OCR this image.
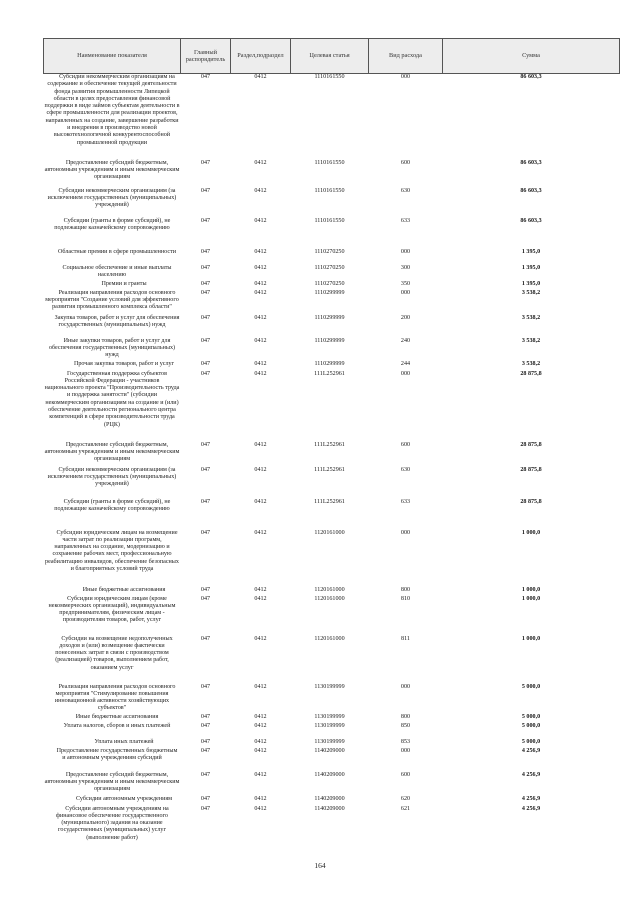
Наименование показателя	Главный распорядитель	Раздел,подраздел	Целевая статья	Вид расхода	Сумма

Субсидии некоммерческим организациям на содержание и обеспечение текущей деятельности фонда развития промышленности Липецкой области в целях предоставления финансовой поддержки в виде займов субъектам деятельности в сфере промышленности для реализации проектов, направленных на создание, завершение разработки и внедрения в производство новой высокотехнологичной конкурентоспособной промышленной продукции	047	0412	1110161550	000	86 603,3

Предоставление субсидий бюджетным, автономным учреждениям и иным некоммерческим организациям	047	0412	1110161550	600	86 603,3

Субсидии некоммерческим организациям (за исключением государственных (муниципальных) учреждений)	047	0412	1110161550	630	86 603,3

Субсидии (гранты в форме субсидий), не подлежащие казначейскому сопровождению	047	0412	1110161550	633	86 603,3

Областные премии в сфере промышленности	047	0412	1110270250	000	1 395,0

Социальное обеспечение и иные выплаты населению	047	0412	1110270250	300	1 395,0

Премии и гранты	047	0412	1110270250	350	1 395,0

Реализация направления расходов основного мероприятия "Создание условий для эффективного развития промышленного комплекса области"	047	0412	1110299999	000	3 538,2

Закупка товаров, работ и услуг для обеспечения государственных (муниципальных) нужд	047	0412	1110299999	200	3 538,2

Иные закупки товаров, работ и услуг для обеспечения государственных (муниципальных) нужд	047	0412	1110299999	240	3 538,2

Прочая закупка товаров, работ и услуг	047	0412	1110299999	244	3 538,2

Государственная поддержка субъектов Российской Федерации - участников национального проекта "Производительность труда и поддержка занятости" (субсидии некоммерческим организациям на создание и (или) обеспечение деятельности регионального центра компетенций в сфере производительности труда (РЦК)	047	0412	111L252961	000	28 875,8

Предоставление субсидий бюджетным, автономным учреждениям и иным некоммерческим организациям	047	0412	111L252961	600	28 875,8

Субсидии некоммерческим организациям (за исключением государственных (муниципальных) учреждений)	047	0412	111L252961	630	28 875,8

Субсидии (гранты в форме субсидий), не подлежащие казначейскому сопровождению	047	0412	111L252961	633	28 875,8

Субсидии юридическим лицам на возмещение части затрат по реализации программ, направленных на создание, модернизацию и сохранение рабочих мест, профессиональную реабилитацию инвалидов, обеспечение безопасных и благоприятных условий труда	047	0412	1120161000	000	1 000,0

Иные бюджетные ассигнования	047	0412	1120161000	800	1 000,0

Субсидии юридическим лицам (кроме некоммерческих организаций), индивидуальным предпринимателям, физическим лицам - производителям товаров, работ, услуг	047	0412	1120161000	810	1 000,0

Субсидии на возмещение недополученных доходов и (или) возмещение фактически понесенных затрат в связи с производством (реализацией) товаров, выполнением работ, оказанием услуг	047	0412	1120161000	811	1 000,0

Реализация направления расходов основного мероприятия "Стимулирование повышения инновационной активности хозяйствующих субъектов"	047	0412	1130199999	000	5 000,0

Иные бюджетные ассигнования	047	0412	1130199999	800	5 000,0

Уплата налогов, сборов и иных платежей	047	0412	1130199999	850	5 000,0

Уплата иных платежей	047	0412	1130199999	853	5 000,0

Предоставление государственных бюджетным и автономным учреждениям субсидий	047	0412	1140209000	000	4 256,9

Предоставление субсидий бюджетным, автономным учреждениям и иным некоммерческим организациям	047	0412	1140209000	600	4 256,9

Субсидии автономным учреждениям	047	0412	1140209000	620	4 256,9

Субсидии автономным учреждениям на финансовое обеспечение государственного (муниципального) задания на оказание государственных (муниципальных) услуг (выполнение работ)	047	0412	1140209000	621	4 256,9
164
